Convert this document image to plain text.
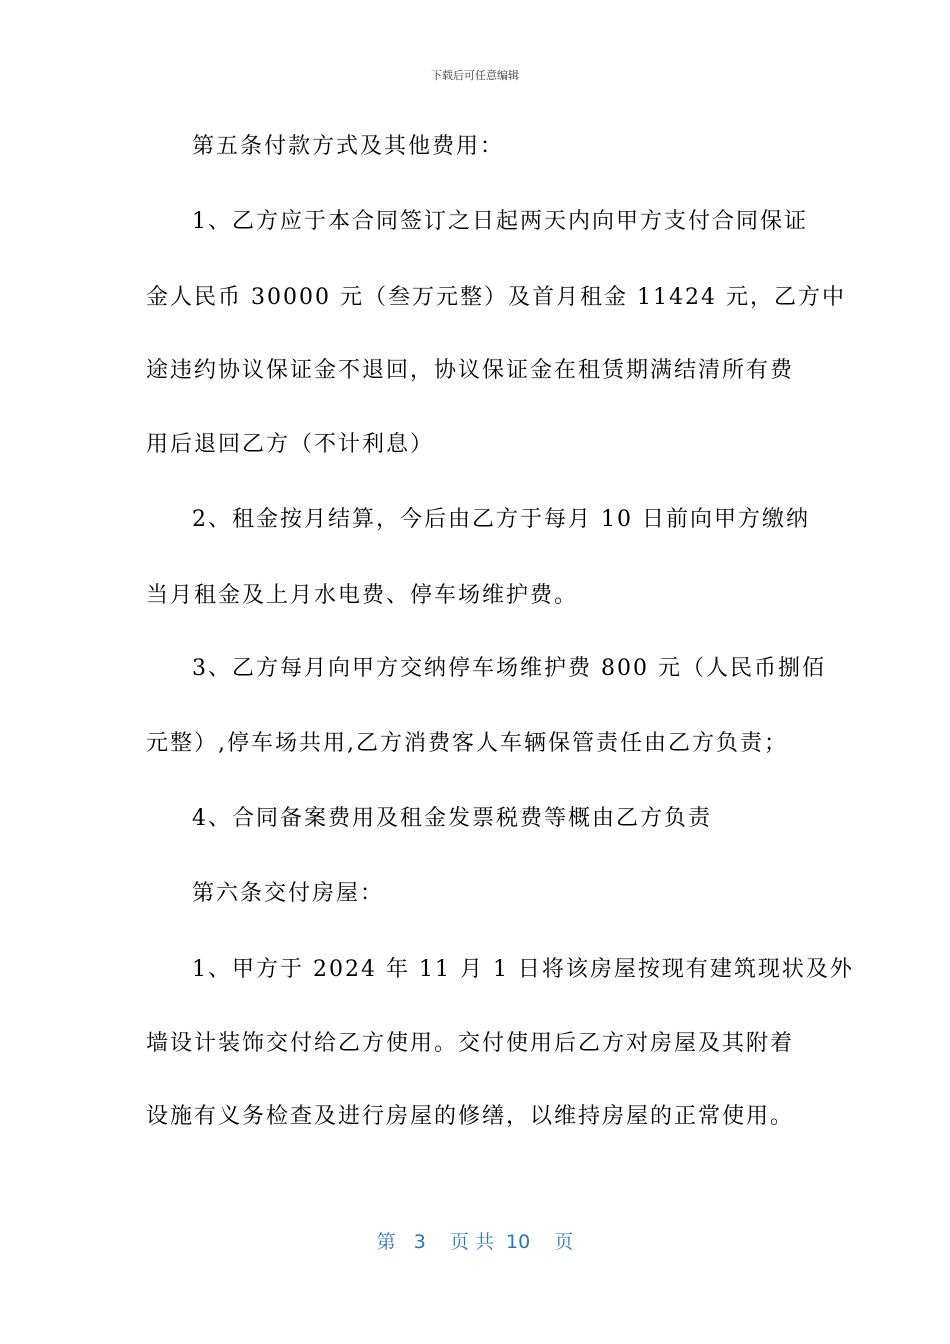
下载后可任意编辑
第五条付款方式及其他费用：
1、乙方应于本合同签订之日起两天内向甲方支付合同保证
金人民币 30000 元（叁万元整）及首月租金 11424 元，乙方中
途违约协议保证金不退回，协议保证金在租赁期满结清所有费
用后退回乙方（不计利息）
2、租金按月结算，今后由乙方于每月 10 日前向甲方缴纳
当月租金及上月水电费、停车场维护费。
3、乙方每月向甲方交纳停车场维护费 800 元（人民币捌佰
元整）,停车场共用,乙方消费客人车辆保管责任由乙方负责；
4、合同备案费用及租金发票税费等概由乙方负责
第六条交付房屋：
1、甲方于 2024 年 11 月 1 日将该房屋按现有建筑现状及外
墙设计装饰交付给乙方使用。交付使用后乙方对房屋及其附着
设施有义务检查及进行房屋的修缮，以维持房屋的正常使用。
第   3    页 共  10    页
